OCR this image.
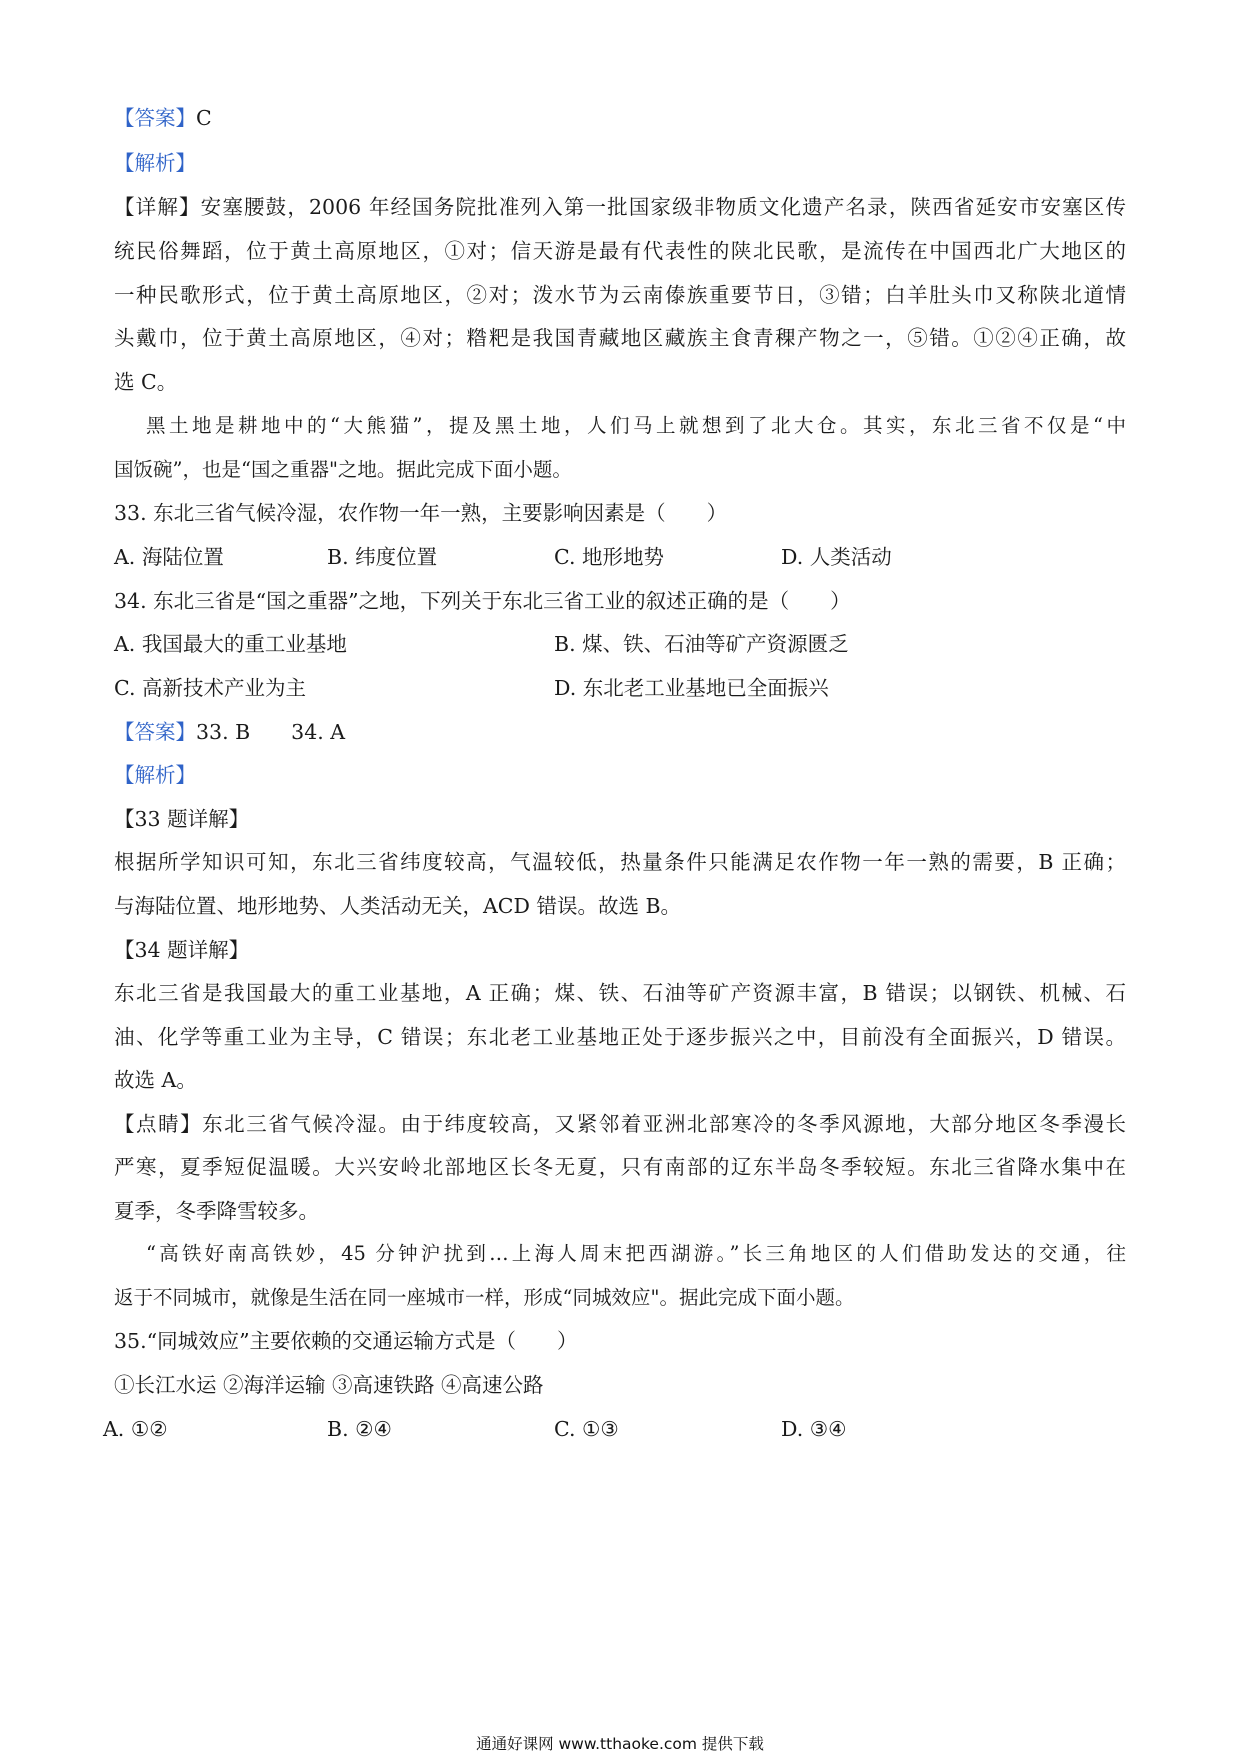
【答案】C
【解析】
【详解】安塞腰鼓，2006 年经国务院批准列入第一批国家级非物质文化遗产名录，陕西省延安市安塞区传
统民俗舞蹈，位于黄土高原地区，①对；信天游是最有代表性的陕北民歌，是流传在中国西北广大地区的
一种民歌形式，位于黄土高原地区，②对；泼水节为云南傣族重要节日，③错；白羊肚头巾又称陕北道情
头戴巾，位于黄土高原地区，④对；糌粑是我国青藏地区藏族主食青稞产物之一，⑤错。①②④正确，故
选 C。
黑土地是耕地中的“大熊猫”，提及黑土地，人们马上就想到了北大仓。其实，东北三省不仅是“中
国饭碗”，也是“国之重器"之地。据此完成下面小题。
33. 东北三省气候冷湿，农作物一年一熟，主要影响因素是（　　）
A. 海陆位置	B. 纬度位置	C. 地形地势	D. 人类活动
34. 东北三省是“国之重器”之地，下列关于东北三省工业的叙述正确的是（　　）
A. 我国最大的重工业基地	B. 煤、铁、石油等矿产资源匮乏
C. 高新技术产业为主	D. 东北老工业基地已全面振兴
【答案】33. B　　34. A
【解析】
【33 题详解】
根据所学知识可知，东北三省纬度较高，气温较低，热量条件只能满足农作物一年一熟的需要，B 正确；
与海陆位置、地形地势、人类活动无关，ACD 错误。故选 B。
【34 题详解】
东北三省是我国最大的重工业基地，A 正确；煤、铁、石油等矿产资源丰富，B 错误；以钢铁、机械、石
油、化学等重工业为主导，C 错误；东北老工业基地正处于逐步振兴之中，目前没有全面振兴，D 错误。
故选 A。
【点睛】东北三省气候冷湿。由于纬度较高，又紧邻着亚洲北部寒冷的冬季风源地，大部分地区冬季漫长
严寒，夏季短促温暖。大兴安岭北部地区长冬无夏，只有南部的辽东半岛冬季较短。东北三省降水集中在
夏季，冬季降雪较多。
“高铁好南高铁妙，45 分钟沪扰到…上海人周末把西湖游。”长三角地区的人们借助发达的交通，往
返于不同城市，就像是生活在同一座城市一样，形成“同城效应"。据此完成下面小题。
35.“同城效应”主要依赖的交通运输方式是（　　）
①长江水运 ②海洋运输 ③高速铁路 ④高速公路
A. ①②	B. ②④	C. ①③	D. ③④
通通好课网 www.tthaoke.com 提供下载
